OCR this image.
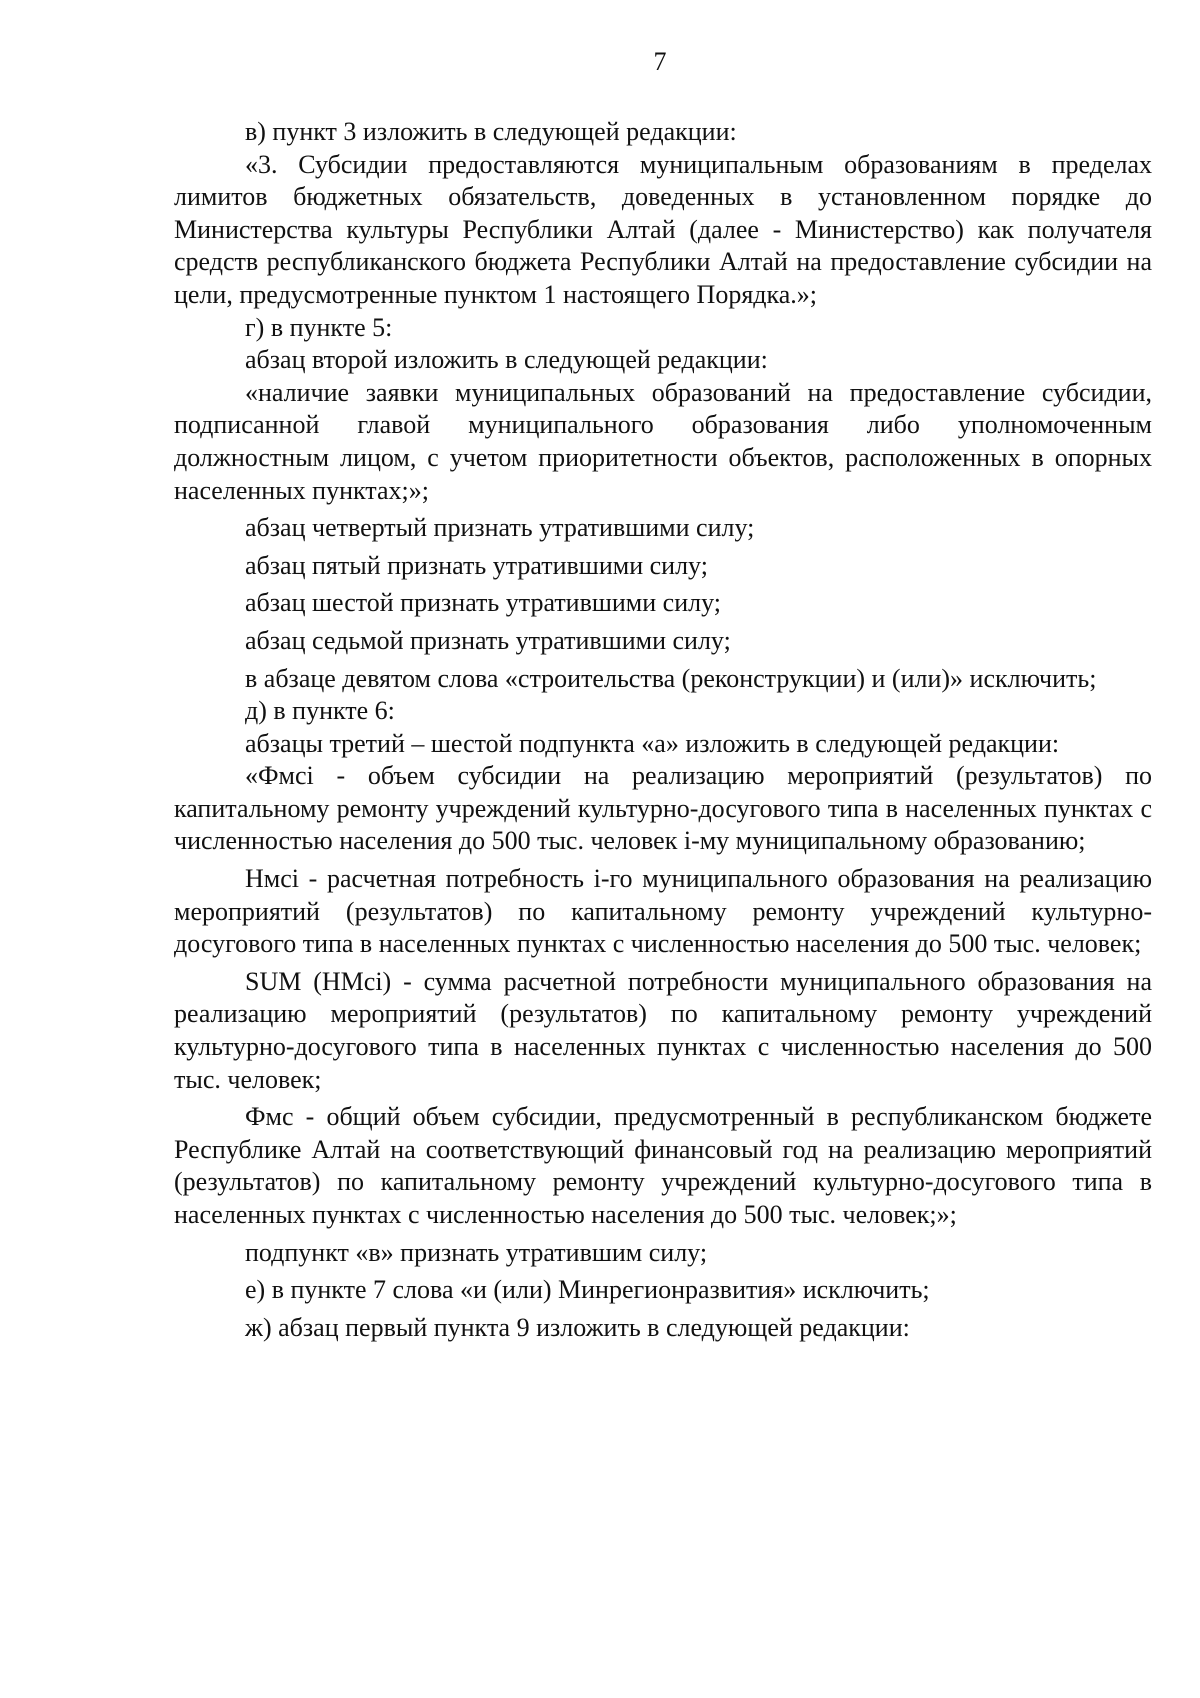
7

в) пункт 3 изложить в следующей редакции:

«3. Субсидии предоставляются муниципальным образованиям в пределах лимитов бюджетных обязательств, доведенных в установленном порядке до Министерства культуры Республики Алтай (далее - Министерство) как получателя средств республиканского бюджета Республики Алтай на предоставление субсидии на цели, предусмотренные пунктом 1 настоящего Порядка.»;

г) в пункте 5:

абзац второй изложить в следующей редакции:

«наличие заявки муниципальных образований на предоставление субсидии, подписанной главой муниципального образования либо уполномоченным должностным лицом, с учетом приоритетности объектов, расположенных в опорных населенных пунктах;»;

абзац четвертый признать утратившими силу;

абзац пятый признать утратившими силу;

абзац шестой признать утратившими силу;

абзац седьмой признать утратившими силу;

в абзаце девятом слова «строительства (реконструкции) и (или)» исключить;

д) в пункте 6:

абзацы третий – шестой подпункта «а» изложить в следующей редакции:

«Фмсi - объем субсидии на реализацию мероприятий (результатов) по капитальному ремонту учреждений культурно-досугового типа в населенных пунктах с численностью населения до 500 тыс. человек i-му муниципальному образованию;

Нмсi - расчетная потребность i-го муниципального образования на реализацию мероприятий (результатов) по капитальному ремонту учреждений культурно-досугового типа в населенных пунктах с численностью населения до 500 тыс. человек;

SUM (НМсi) - сумма расчетной потребности муниципального образования на реализацию мероприятий (результатов) по капитальному ремонту учреждений культурно-досугового типа в населенных пунктах с численностью населения до 500 тыс. человек;

Фмс - общий объем субсидии, предусмотренный в республиканском бюджете Республике Алтай на соответствующий финансовый год на реализацию мероприятий (результатов) по капитальному ремонту учреждений культурно-досугового типа в населенных пунктах с численностью населения до 500 тыс. человек;»;

подпункт «в» признать утратившим силу;

е) в пункте 7 слова «и (или) Минрегионразвития» исключить;

ж) абзац первый пункта 9 изложить в следующей редакции:
